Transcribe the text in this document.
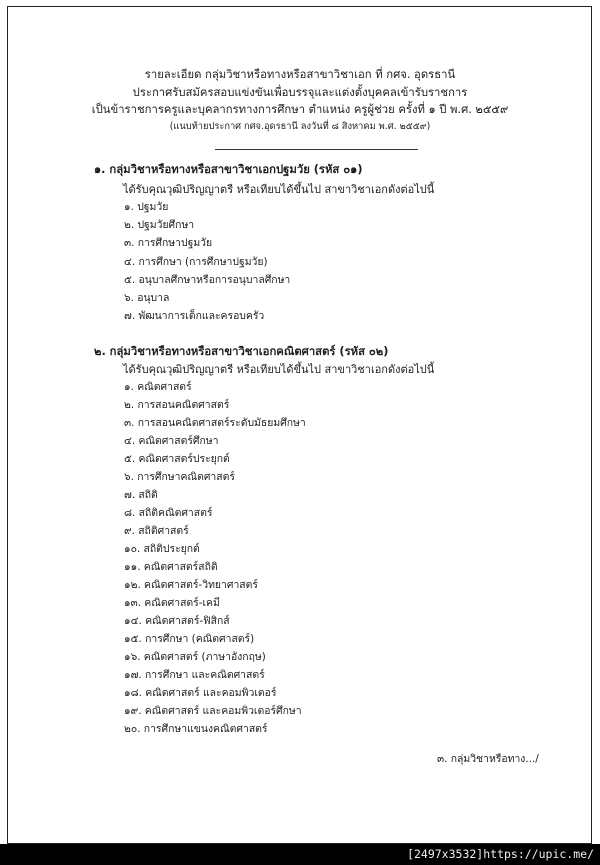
รายละเอียด กลุ่มวิชาหรือทางหรือสาขาวิชาเอก ที่ กศจ. อุดรธานี
ประกาศรับสมัครสอบแข่งขันเพื่อบรรจุและแต่งตั้งบุคคลเข้ารับราชการ
เป็นข้าราชการครูและบุคลากรทางการศึกษา ตำแหน่ง ครูผู้ช่วย ครั้งที่ ๑ ปี พ.ศ. ๒๕๕๙
(แนบท้ายประกาศ กศจ.อุดรธานี ลงวันที่ ๘ สิงหาคม พ.ศ. ๒๕๕๙)
๑. กลุ่มวิชาหรือทางหรือสาขาวิชาเอกปฐมวัย (รหัส ๐๑)
ได้รับคุณวุฒิปริญญาตรี หรือเทียบได้ขึ้นไป สาขาวิชาเอกดังต่อไปนี้
๑. ปฐมวัย
๒. ปฐมวัยศึกษา
๓. การศึกษาปฐมวัย
๔. การศึกษา (การศึกษาปฐมวัย)
๕. อนุบาลศึกษาหรือการอนุบาลศึกษา
๖. อนุบาล
๗. พัฒนาการเด็กและครอบครัว
๒. กลุ่มวิชาหรือทางหรือสาขาวิชาเอกคณิตศาสตร์ (รหัส ๐๒)
ได้รับคุณวุฒิปริญญาตรี หรือเทียบได้ขึ้นไป สาขาวิชาเอกดังต่อไปนี้
๑. คณิตศาสตร์
๒. การสอนคณิตศาสตร์
๓. การสอนคณิตศาสตร์ระดับมัธยมศึกษา
๔. คณิตศาสตร์ศึกษา
๕. คณิตศาสตร์ประยุกต์
๖. การศึกษาคณิตศาสตร์
๗. สถิติ
๘. สถิติคณิตศาสตร์
๙. สถิติศาสตร์
๑๐. สถิติประยุกต์
๑๑. คณิตศาสตร์สถิติ
๑๒. คณิตศาสตร์-วิทยาศาสตร์
๑๓. คณิตศาสตร์-เคมี
๑๔. คณิตศาสตร์-ฟิสิกส์
๑๕. การศึกษา (คณิตศาสตร์)
๑๖. คณิตศาสตร์ (ภาษาอังกฤษ)
๑๗. การศึกษา และคณิตศาสตร์
๑๘. คณิตศาสตร์ และคอมพิวเตอร์
๑๙. คณิตศาสตร์ และคอมพิวเตอร์ศึกษา
๒๐. การศึกษาแขนงคณิตศาสตร์
๓. กลุ่มวิชาหรือทาง.../
[2497x3532]https://upic.me/
